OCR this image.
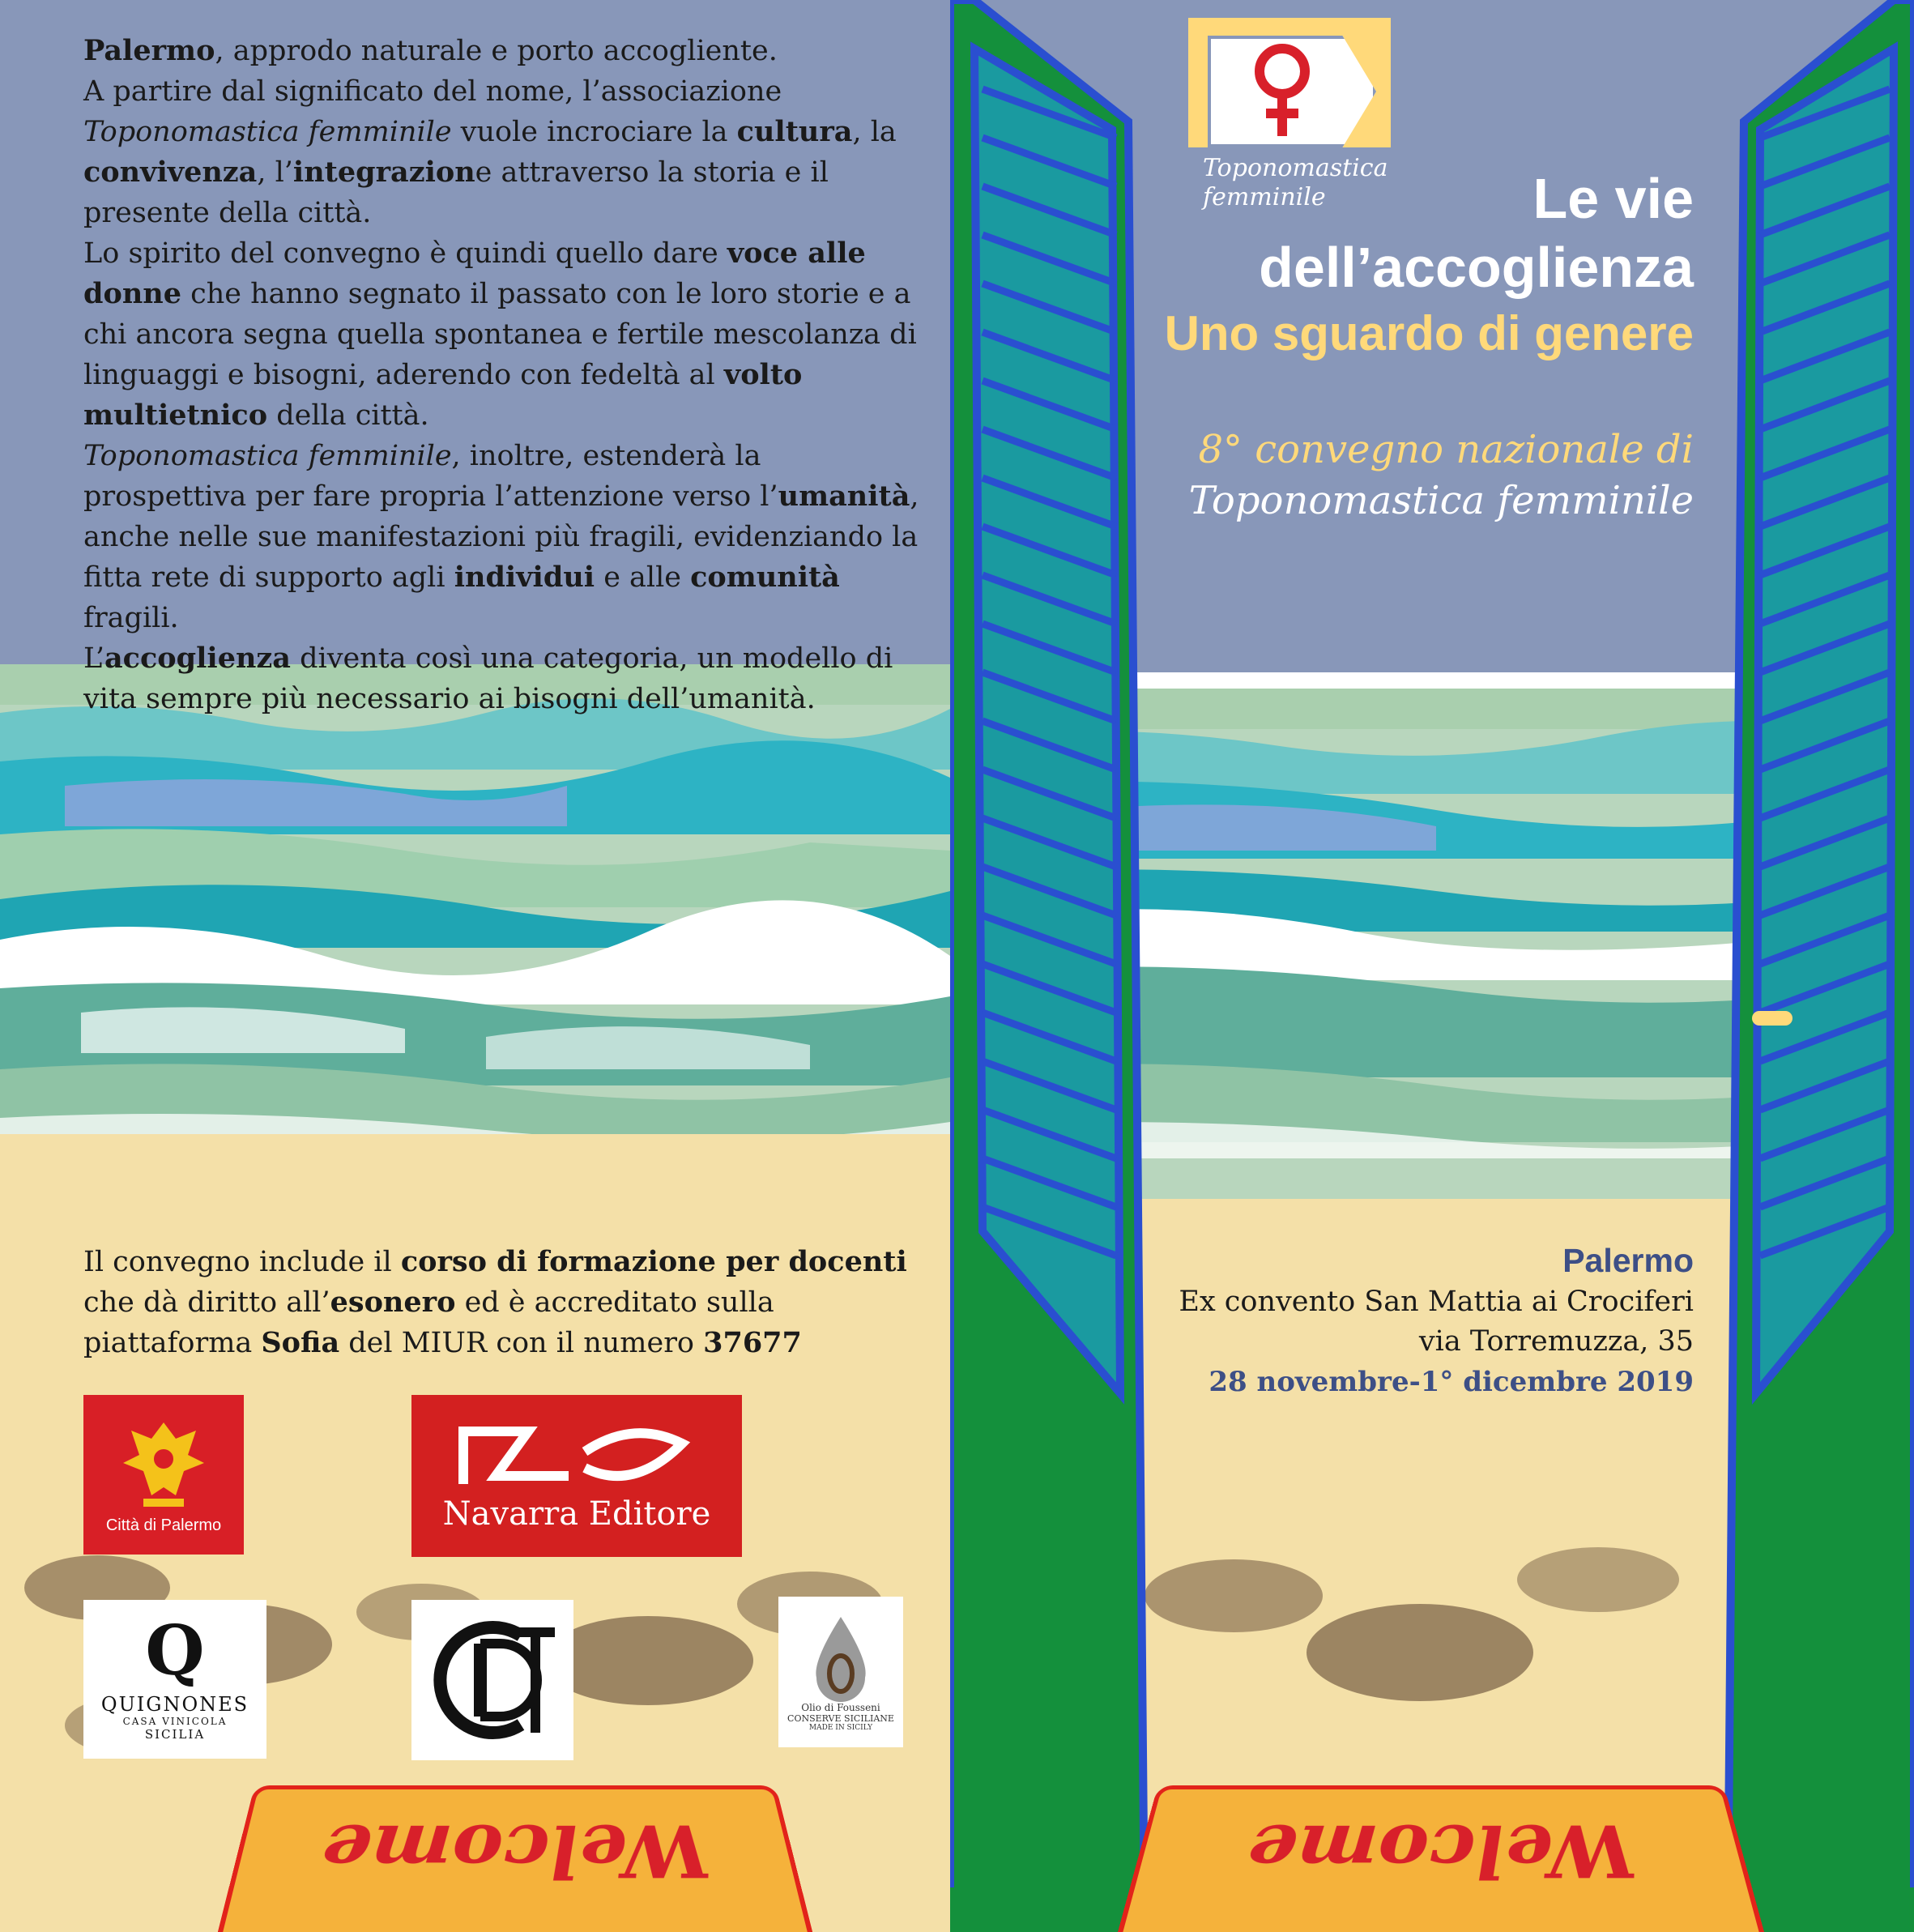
Palermo, approdo naturale e porto accogliente.

A partire dal significato del nome, l’associazione Toponomastica femminile vuole incrociare la cultura, la convivenza, l’integrazione attraverso la storia e il presente della città.

Lo spirito del convegno è quindi quello dare voce alle donne che hanno segnato il passato con le loro storie e a chi ancora segna quella spontanea e fertile mescolanza di linguaggi e bisogni, aderendo con fedeltà al volto multietnico della città.

Toponomastica femminile, inoltre, estenderà la prospettiva per fare propria l’attenzione verso l’umanità, anche nelle sue manifestazioni più fragili, evidenziando la fitta rete di supporto agli individui e alle comunità fragili.

L’accoglienza diventa così una categoria, un modello di vita sempre più necessario ai bisogni dell’umanità.

Il convegno include il corso di formazione per docenti che dà diritto all’esonero ed è accreditato sulla piattaforma Sofia del MIUR con il numero 37677
Città di Palermo	Navarra Editore
Q
QUIGNONES
CASA VINICOLA
SICILIA
Olio di Fousseni
CONSERVE SICILIANE
MADE IN SICILY
Welcome
Toponomastica femminile	Le vie
dell’accoglienza
Uno sguardo di genere
8° convegno nazionale di
Toponomastica femminile
Palermo
Ex convento San Mattia ai Crociferi
via Torremuzza, 35
28 novembre-1° dicembre 2019
Welcome
